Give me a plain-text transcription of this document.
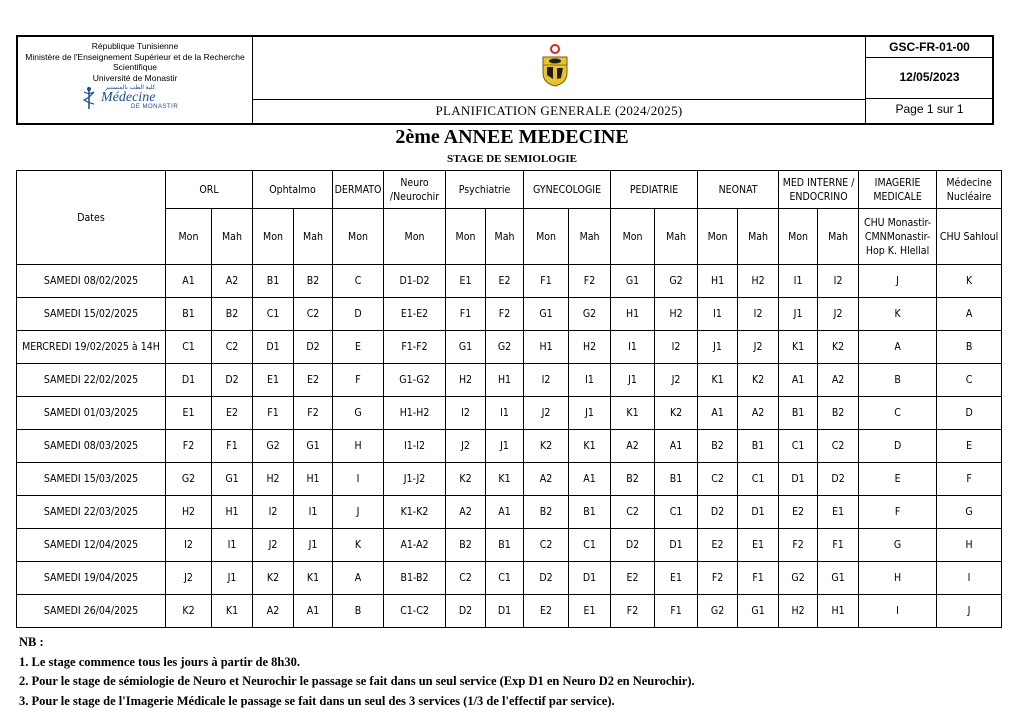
République Tunisienne
Ministère de l'Enseignement Supérieur et de la Recherche
Scientifique
Université de Monastir
كلية الطب بالمنستير
Médecine
DE MONASTIR	PLANIFICATION GENERALE (2024/2025)
GSC-FR-01-00
12/05/2023
Page 1 sur 1
2ème ANNEE MEDECINE
STAGE DE SEMIOLOGIE
Dates	ORL		Ophtalmo		DERMATO	Neuro /Neurochir	Psychiatrie		GYNECOLOGIE		PEDIATRIE		NEONAT		MED INTERNE / ENDOCRINO		IMAGERIE MEDICALE	Médecine Nucléaire
	Mon	Mah	Mon	Mah	Mon	Mon	Mon	Mah	Mon	Mah	Mon	Mah	Mon	Mah	Mon	Mah	CHU Monastir-CMNMonastir-Hop K. Hlellal	CHU Sahloul
SAMEDI 08/02/2025	A1	A2	B1	B2	C	D1-D2	E1	E2	F1	F2	G1	G2	H1	H2	I1	I2	J	K
SAMEDI 15/02/2025	B1	B2	C1	C2	D	E1-E2	F1	F2	G1	G2	H1	H2	I1	I2	J1	J2	K	A
MERCREDI 19/02/2025 à 14H	C1	C2	D1	D2	E	F1-F2	G1	G2	H1	H2	I1	I2	J1	J2	K1	K2	A	B
SAMEDI 22/02/2025	D1	D2	E1	E2	F	G1-G2	H2	H1	I2	I1	J1	J2	K1	K2	A1	A2	B	C
SAMEDI 01/03/2025	E1	E2	F1	F2	G	H1-H2	I2	I1	J2	J1	K1	K2	A1	A2	B1	B2	C	D
SAMEDI 08/03/2025	F2	F1	G2	G1	H	I1-I2	J2	J1	K2	K1	A2	A1	B2	B1	C1	C2	D	E
SAMEDI 15/03/2025	G2	G1	H2	H1	I	J1-J2	K2	K1	A2	A1	B2	B1	C2	C1	D1	D2	E	F
SAMEDI 22/03/2025	H2	H1	I2	I1	J	K1-K2	A2	A1	B2	B1	C2	C1	D2	D1	E2	E1	F	G
SAMEDI 12/04/2025	I2	I1	J2	J1	K	A1-A2	B2	B1	C2	C1	D2	D1	E2	E1	F2	F1	G	H
SAMEDI 19/04/2025	J2	J1	K2	K1	A	B1-B2	C2	C1	D2	D1	E2	E1	F2	F1	G2	G1	H	I
SAMEDI 26/04/2025	K2	K1	A2	A1	B	C1-C2	D2	D1	E2	E1	F2	F1	G2	G1	H2	H1	I	J
NB :
1. Le stage commence tous les jours à partir de 8h30.
2. Pour le stage de sémiologie de Neuro et Neurochir le passage se fait dans un seul service (Exp D1 en Neuro D2 en Neurochir).
3. Pour le stage de l'Imagerie Médicale le passage se fait dans un seul des 3 services (1/3 de l'effectif par service).
